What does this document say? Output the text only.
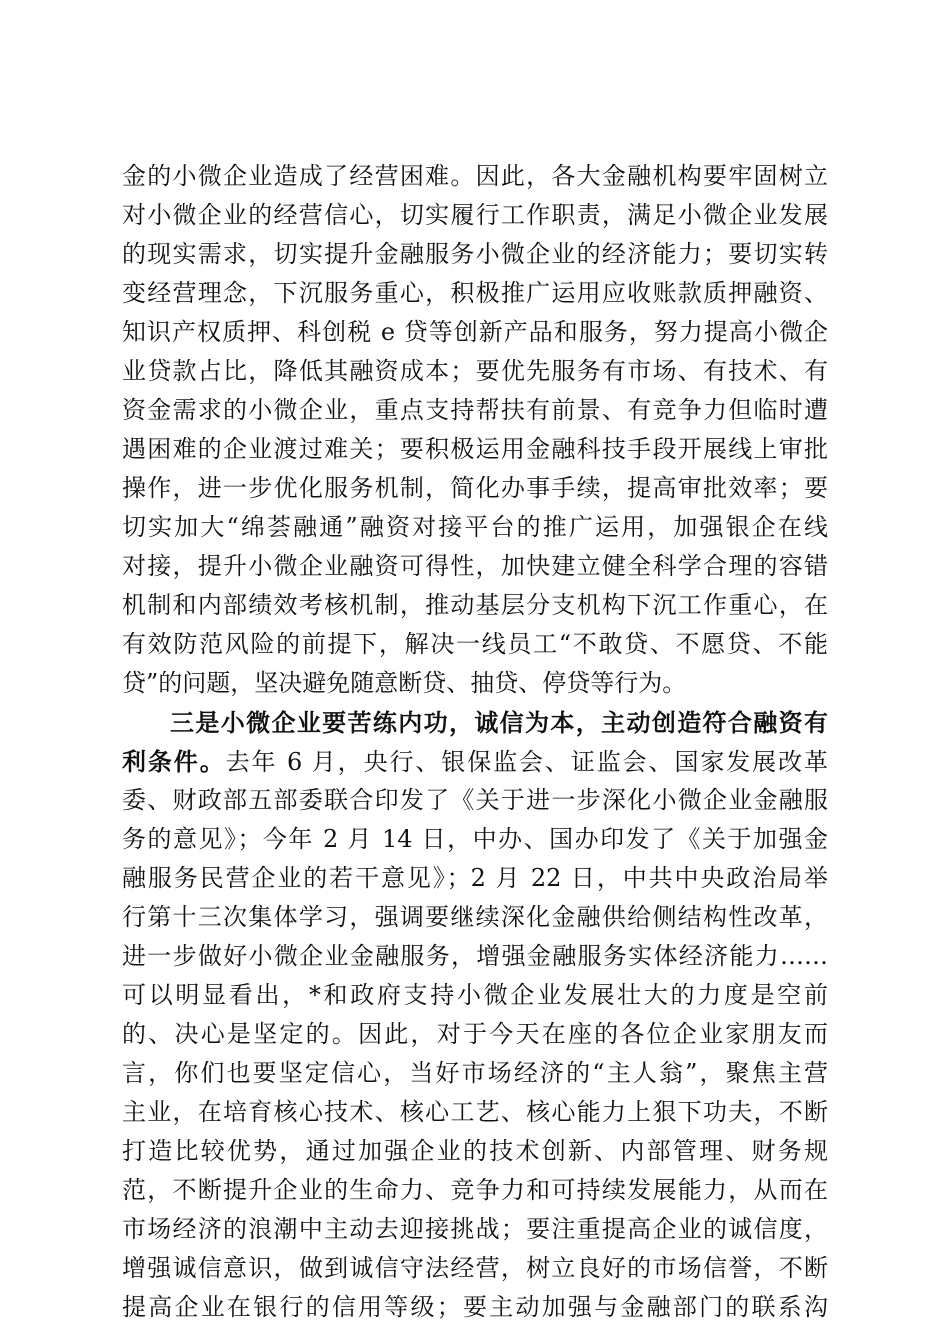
金的小微企业造成了经营困难。因此，各大金融机构要牢固树立
对小微企业的经营信心，切实履行工作职责，满足小微企业发展
的现实需求，切实提升金融服务小微企业的经济能力；要切实转
变经营理念，下沉服务重心，积极推广运用应收账款质押融资、
知识产权质押、科创税 e 贷等创新产品和服务，努力提高小微企
业贷款占比，降低其融资成本；要优先服务有市场、有技术、有
资金需求的小微企业，重点支持帮扶有前景、有竞争力但临时遭
遇困难的企业渡过难关；要积极运用金融科技手段开展线上审批
操作，进一步优化服务机制，简化办事手续，提高审批效率；要
切实加大“绵荟融通”融资对接平台的推广运用，加强银企在线
对接，提升小微企业融资可得性，加快建立健全科学合理的容错
机制和内部绩效考核机制，推动基层分支机构下沉工作重心，在
有效防范风险的前提下，解决一线员工“不敢贷、不愿贷、不能
贷”的问题，坚决避免随意断贷、抽贷、停贷等行为。
三是小微企业要苦练内功，诚信为本，主动创造符合融资有
利条件。去年 6 月，央行、银保监会、证监会、国家发展改革
委、财政部五部委联合印发了《关于进一步深化小微企业金融服
务的意见》；今年 2 月 14 日，中办、国办印发了《关于加强金
融服务民营企业的若干意见》；2 月 22 日，中共中央政治局举
行第十三次集体学习，强调要继续深化金融供给侧结构性改革，
进一步做好小微企业金融服务，增强金融服务实体经济能力……
可以明显看出，*和政府支持小微企业发展壮大的力度是空前
的、决心是坚定的。因此，对于今天在座的各位企业家朋友而
言，你们也要坚定信心，当好市场经济的“主人翁”，聚焦主营
主业，在培育核心技术、核心工艺、核心能力上狠下功夫，不断
打造比较优势，通过加强企业的技术创新、内部管理、财务规
范，不断提升企业的生命力、竞争力和可持续发展能力，从而在
市场经济的浪潮中主动去迎接挑战；要注重提高企业的诚信度，
增强诚信意识，做到诚信守法经营，树立良好的市场信誉，不断
提高企业在银行的信用等级；要主动加强与金融部门的联系沟
